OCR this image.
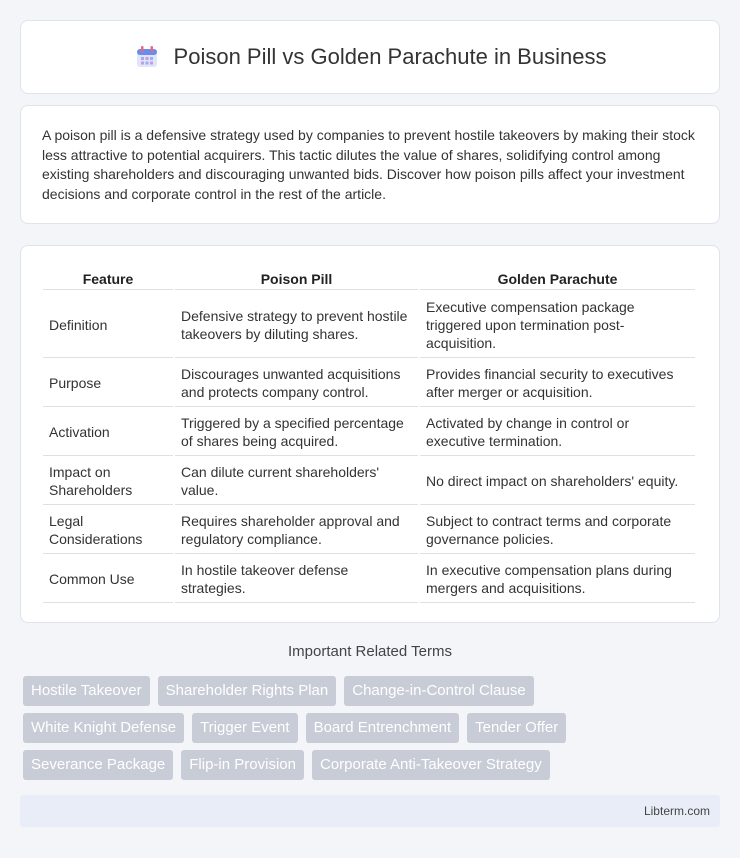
Poison Pill vs Golden Parachute in Business

A poison pill is a defensive strategy used by companies to prevent hostile takeovers by making their stock less attractive to potential acquirers. This tactic dilutes the value of shares, solidifying control among existing shareholders and discouraging unwanted bids. Discover how poison pills affect your investment decisions and corporate control in the rest of the article.

Feature	Poison Pill	Golden Parachute
Definition	Defensive strategy to prevent hostile takeovers by diluting shares.	Executive compensation package triggered upon termination post-acquisition.
Purpose	Discourages unwanted acquisitions and protects company control.	Provides financial security to executives after merger or acquisition.
Activation	Triggered by a specified percentage of shares being acquired.	Activated by change in control or executive termination.
Impact on Shareholders	Can dilute current shareholders' value.	No direct impact on shareholders' equity.
Legal Considerations	Requires shareholder approval and regulatory compliance.	Subject to contract terms and corporate governance policies.
Common Use	In hostile takeover defense strategies.	In executive compensation plans during mergers and acquisitions.
Important Related Terms
Hostile Takeover Shareholder Rights Plan Change-in-Control Clause
White Knight Defense Trigger Event Board Entrenchment Tender Offer
Severance Package Flip-in Provision Corporate Anti-Takeover Strategy
Libterm.com
